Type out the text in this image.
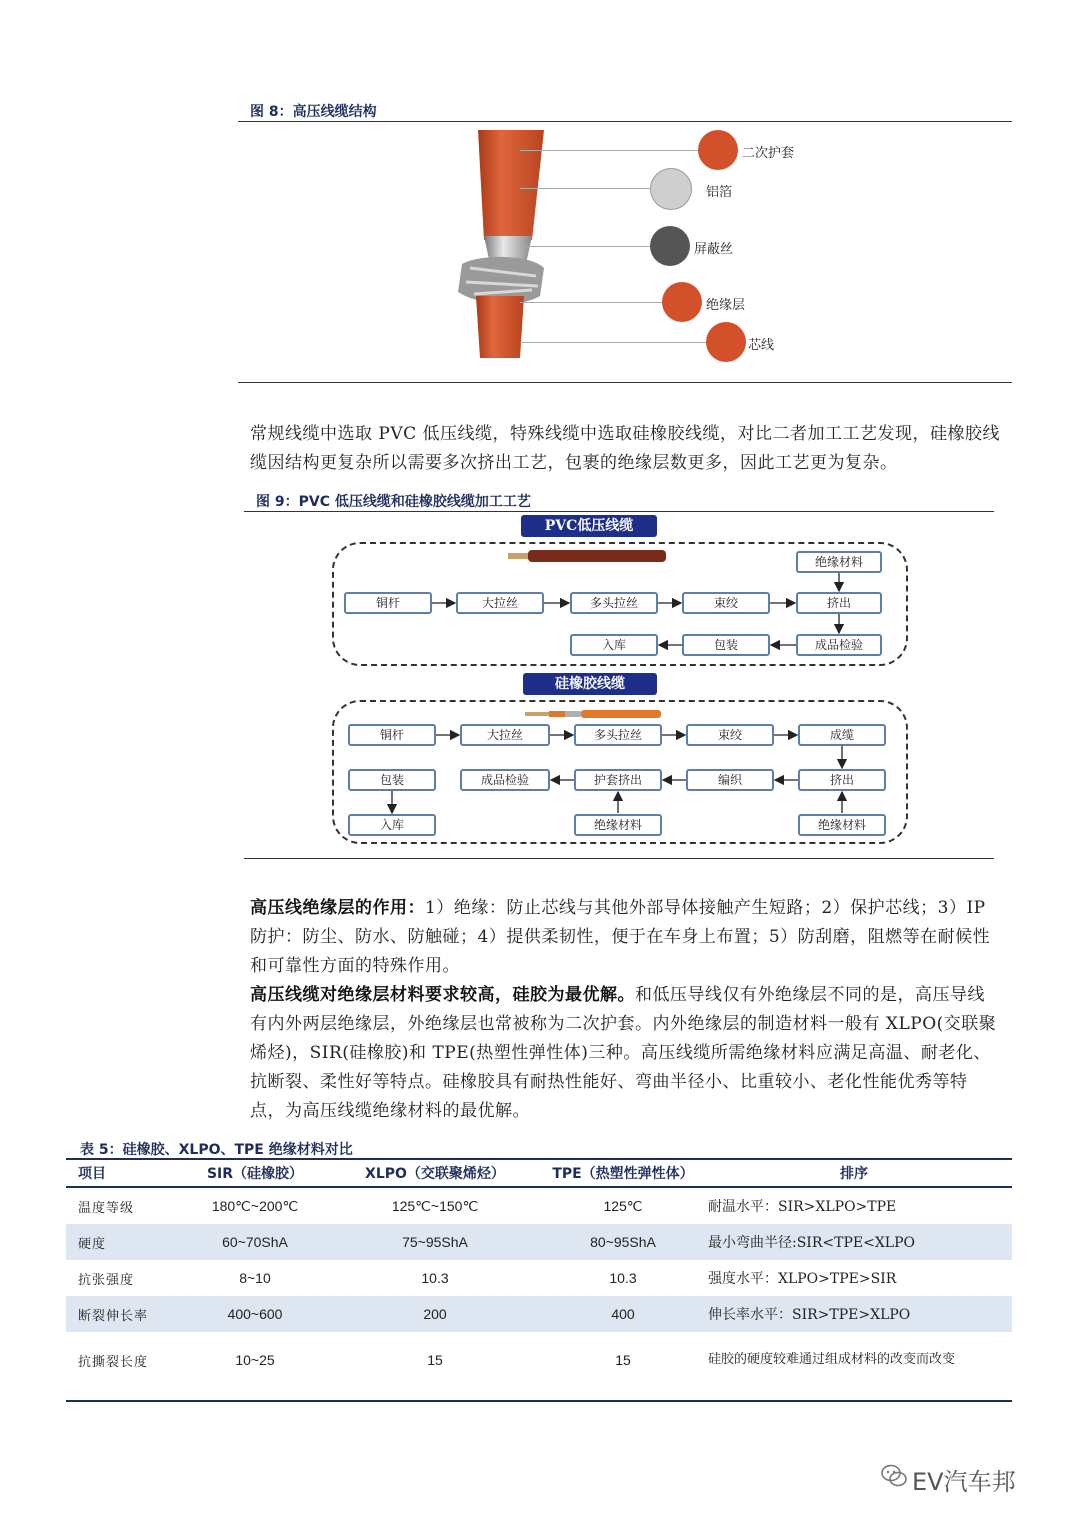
图 8：高压线缆结构
二次护套
铝箔
屏蔽丝
绝缘层
芯线
常规线缆中选取 PVC 低压线缆，特殊线缆中选取硅橡胶线缆，对比二者加工工艺发现，硅橡胶线缆因结构更复杂所以需要多次挤出工艺，包裹的绝缘层数更多，因此工艺更为复杂。
图 9：PVC 低压线缆和硅橡胶线缆加工工艺
PVC低压线缆
铜杆	大拉丝	多头拉丝	束绞	挤出
绝缘材料
成品检验
包装
入库
硅橡胶线缆
铜杆	大拉丝	多头拉丝	束绞	成缆
挤出
编织
护套挤出
成品检验
包装
入库	绝缘材料	绝缘材料
高压线绝缘层的作用：1）绝缘：防止芯线与其他外部导体接触产生短路；2）保护芯线；3）IP 防护：防尘、防水、防触碰；4）提供柔韧性，便于在车身上布置；5）防刮磨，阻燃等在耐候性和可靠性方面的特殊作用。
高压线缆对绝缘层材料要求较高，硅胶为最优解。和低压导线仅有外绝缘层不同的是，高压导线有内外两层绝缘层，外绝缘层也常被称为二次护套。内外绝缘层的制造材料一般有 XLPO(交联聚烯烃)，SIR(硅橡胶)和 TPE(热塑性弹性体)三种。高压线缆所需绝缘材料应满足高温、耐老化、抗断裂、柔性好等特点。硅橡胶具有耐热性能好、弯曲半径小、比重较小、老化性能优秀等特点，为高压线缆绝缘材料的最优解。
表 5：硅橡胶、XLPO、TPE 绝缘材料对比
项目	SIR（硅橡胶）	XLPO（交联聚烯烃）	TPE（热塑性弹性体）	排序
温度等级	180℃~200℃	125℃~150℃	125℃	耐温水平：SIR>XLPO>TPE
硬度	60~70ShA	75~95ShA	80~95ShA	最小弯曲半径:SIR<TPE<XLPO
抗张强度	8~10	10.3	10.3	强度水平：XLPO>TPE>SIR
断裂伸长率	400~600	200	400	伸长率水平：SIR>TPE>XLPO
抗撕裂长度	10~25	15	15	硅胶的硬度较难通过组成材料的改变而改变
EV汽车邦
